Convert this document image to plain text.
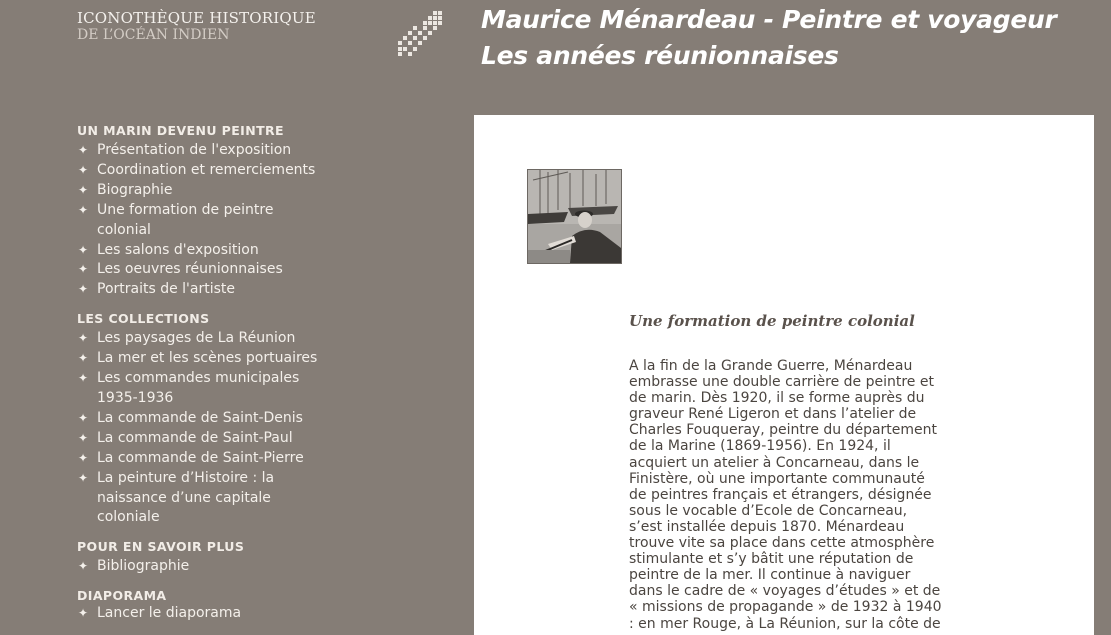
ICONOTHÈQUE HISTORIQUE
DE L’OCÉAN INDIEN
Maurice Ménardeau - Peintre et voyageur
Les années réunionnaises
UN MARIN DEVENU PEINTRE
✦ Présentation de l'exposition
✦ Coordination et remerciements
✦ Biographie
✦ Une formation de peintre colonial
✦ Les salons d'exposition
✦ Les oeuvres réunionnaises
✦ Portraits de l'artiste
LES COLLECTIONS
✦ Les paysages de La Réunion
✦ La mer et les scènes portuaires
✦ Les commandes municipales 1935-1936
✦ La commande de Saint-Denis
✦ La commande de Saint-Paul
✦ La commande de Saint-Pierre
✦ La peinture d’Histoire : la naissance d’une capitale coloniale
POUR EN SAVOIR PLUS
✦ Bibliographie
DIAPORAMA
✦ Lancer le diaporama
Une formation de peintre colonial
A la fin de la Grande Guerre, Ménardeau embrasse une double carrière de peintre et de marin. Dès 1920, il se forme auprès du graveur René Ligeron et dans l’atelier de Charles Fouqueray, peintre du département de la Marine (1869-1956). En 1924, il acquiert un atelier à Concarneau, dans le Finistère, où une importante communauté de peintres français et étrangers, désignée sous le vocable d’Ecole de Concarneau, s’est installée depuis 1870. Ménardeau trouve vite sa place dans cette atmosphère stimulante et s’y bâtit une réputation de peintre de la mer. Il continue à naviguer dans le cadre de « voyages d’études » et de « missions de propagande » de 1932 à 1940 : en mer Rouge, à La Réunion, sur la côte de
